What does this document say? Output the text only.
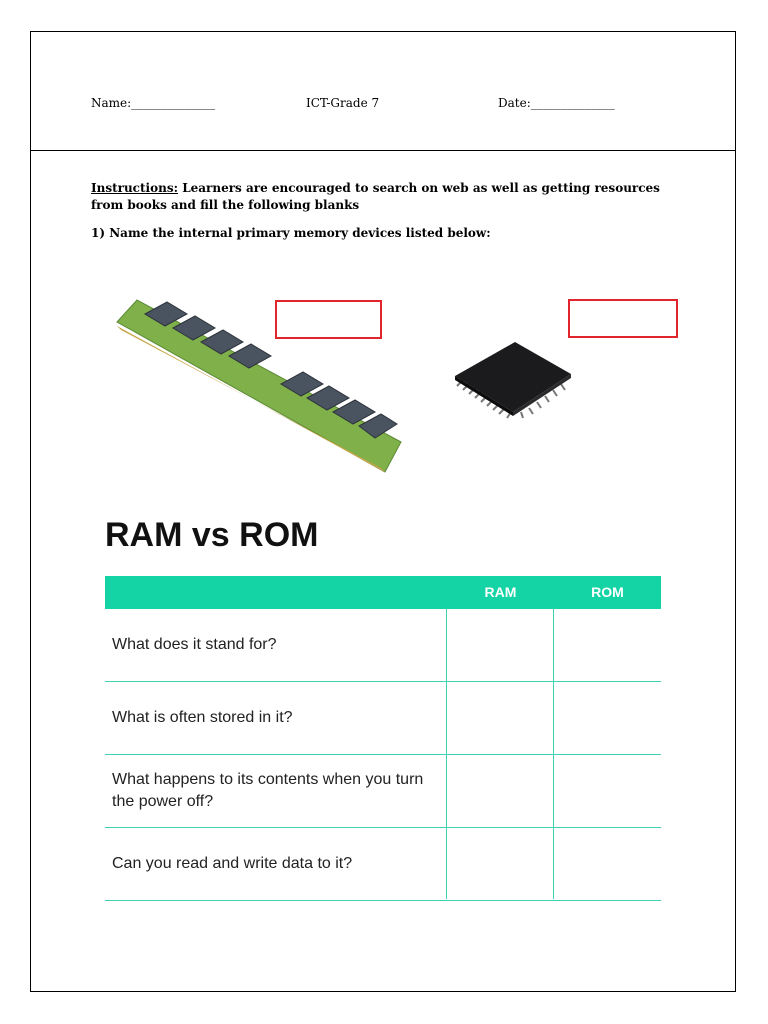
Name:______________	ICT-Grade 7	Date:______________
Instructions: Learners are encouraged to search on web as well as getting resources from books and fill the following blanks
1) Name the internal primary memory devices listed below:
RAM vs ROM
RAM	ROM
What does it stand for?
What is often stored in it?
What happens to its contents when you turn the power off?
Can you read and write data to it?
